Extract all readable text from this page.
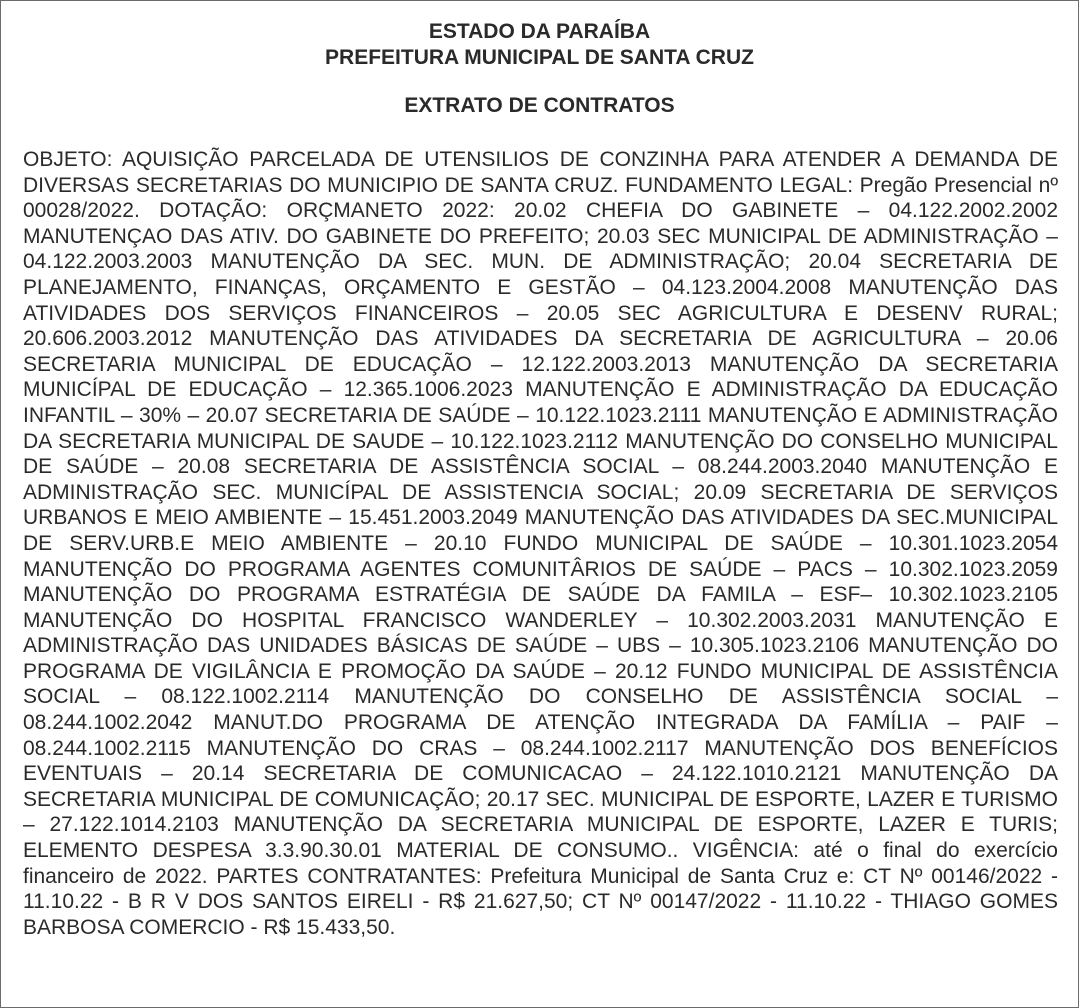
ESTADO DA PARAÍBA
PREFEITURA MUNICIPAL DE SANTA CRUZ
EXTRATO DE CONTRATOS

OBJETO: AQUISIÇÃO PARCELADA DE UTENSILIOS DE CONZINHA PARA ATENDER A DEMANDA DE DIVERSAS SECRETARIAS DO MUNICIPIO DE SANTA CRUZ. FUNDAMENTO LEGAL: Pregão Presencial nº 00028/2022. DOTAÇÃO: ORÇMANETO 2022: 20.02 CHEFIA DO GABINETE – 04.122.2002.2002 MANUTENÇAO DAS ATIV. DO GABINETE DO PREFEITO; 20.03 SEC MUNICIPAL DE ADMINISTRAÇÃO – 04.122.2003.2003 MANUTENÇÃO DA SEC. MUN. DE ADMINISTRAÇÃO; 20.04 SECRETARIA DE PLANEJAMENTO, FINANÇAS, ORÇAMENTO E GESTÃO – 04.123.2004.2008 MANUTENÇÃO DAS ATIVIDADES DOS SERVIÇOS FINANCEIROS – 20.05 SEC AGRICULTURA E DESENV RURAL; 20.606.2003.2012 MANUTENÇÃO DAS ATIVIDADES DA SECRETARIA DE AGRICULTURA – 20.06 SECRETARIA MUNICIPAL DE EDUCAÇÃO – 12.122.2003.2013 MANUTENÇÃO DA SECRETARIA MUNICÍPAL DE EDUCAÇÃO – 12.365.1006.2023 MANUTENÇÃO E ADMINISTRAÇÃO DA EDUCAÇÃO INFANTIL – 30% – 20.07 SECRETARIA DE SAÚDE – 10.122.1023.2111 MANUTENÇÃO E ADMINISTRAÇÃO DA SECRETARIA MUNICIPAL DE SAUDE – 10.122.1023.2112 MANUTENÇÃO DO CONSELHO MUNICIPAL DE SAÚDE – 20.08 SECRETARIA DE ASSISTÊNCIA SOCIAL – 08.244.2003.2040 MANUTENÇÃO E ADMINISTRAÇÃO SEC. MUNICÍPAL DE ASSISTENCIA SOCIAL; 20.09 SECRETARIA DE SERVIÇOS URBANOS E MEIO AMBIENTE – 15.451.2003.2049 MANUTENÇÃO DAS ATIVIDADES DA SEC.MUNICIPAL DE SERV.URB.E MEIO AMBIENTE – 20.10 FUNDO MUNICIPAL DE SAÚDE – 10.301.1023.2054 MANUTENÇÃO DO PROGRAMA AGENTES COMUNITÂRIOS DE SAÚDE – PACS – 10.302.1023.2059 MANUTENÇÃO DO PROGRAMA ESTRATÉGIA DE SAÚDE DA FAMILA – ESF– 10.302.1023.2105 MANUTENÇÃO DO HOSPITAL FRANCISCO WANDERLEY – 10.302.2003.2031 MANUTENÇÃO E ADMINISTRAÇÃO DAS UNIDADES BÁSICAS DE SAÚDE – UBS – 10.305.1023.2106 MANUTENÇÃO DO PROGRAMA DE VIGILÂNCIA E PROMOÇÃO DA SAÚDE – 20.12 FUNDO MUNICIPAL DE ASSISTÊNCIA SOCIAL – 08.122.1002.2114 MANUTENÇÃO DO CONSELHO DE ASSISTÊNCIA SOCIAL – 08.244.1002.2042 MANUT.DO PROGRAMA DE ATENÇÃO INTEGRADA DA FAMÍLIA – PAIF – 08.244.1002.2115 MANUTENÇÃO DO CRAS – 08.244.1002.2117 MANUTENÇÃO DOS BENEFÍCIOS EVENTUAIS – 20.14 SECRETARIA DE COMUNICACAO – 24.122.1010.2121 MANUTENÇÃO DA SECRETARIA MUNICIPAL DE COMUNICAÇÃO; 20.17 SEC. MUNICIPAL DE ESPORTE, LAZER E TURISMO – 27.122.1014.2103 MANUTENÇÃO DA SECRETARIA MUNICIPAL DE ESPORTE, LAZER E TURIS; ELEMENTO DESPESA 3.3.90.30.01 MATERIAL DE CONSUMO.. VIGÊNCIA: até o final do exercício financeiro de 2022. PARTES CONTRATANTES: Prefeitura Municipal de Santa Cruz e: CT Nº 00146/2022 - 11.10.22 - B R V DOS SANTOS EIRELI - R$ 21.627,50; CT Nº 00147/2022 - 11.10.22 - THIAGO GOMES BARBOSA COMERCIO - R$ 15.433,50.
